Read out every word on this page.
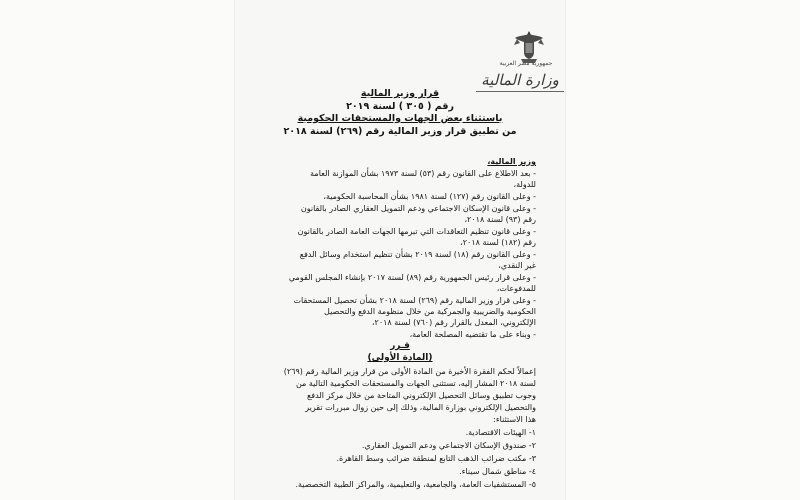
جمهورية مصر العربية
وزارة المالية
قرار وزير المالية
رقم ( ٣٠٥ ) لسنة ٢٠١٩
باستثناء بعض الجهات والمستحقات الحكومية
من تطبيق قرار وزير المالية رقم (٢٦٩) لسنة ٢٠١٨
وزير المالية،
- بعد الاطلاع على القانون رقم (٥٣) لسنة ١٩٧٣ بشأن الموازنة العامة
للدولة،
- وعلى القانون رقم (١٢٧) لسنة ١٩٨١ بشأن المحاسبة الحكومية،
- وعلى قانون الإسكان الاجتماعي ودعم التمويل العقاري الصادر بالقانون
رقم (٩٣) لسنة ٢٠١٨،
- وعلى قانون تنظيم التعاقدات التي تبرمها الجهات العامة الصادر بالقانون
رقم (١٨٢) لسنة ٢٠١٨،
- وعلى القانون رقم (١٨) لسنة ٢٠١٩ بشأن تنظيم استخدام وسائل الدفع
غير النقدي،
- وعلى قرار رئيس الجمهورية رقم (٨٩) لسنة ٢٠١٧ بإنشاء المجلس القومي
للمدفوعات،
- وعلى قرار وزير المالية رقم (٢٦٩) لسنة ٢٠١٨ بشأن تحصيل المستحقات
الحكومية والضريبية والجمركية من خلال منظومة الدفع والتحصيل
الإلكتروني، المعدل بالقرار رقم (٧٦٠) لسنة ٢٠١٨،
- وبناء على ما تقتضيه المصلحة العامة،
قـرر
(المادة الأولى)
إعمالاً لحكم الفقرة الأخيرة من المادة الأولى من قرار وزير المالية رقم (٢٦٩)
لسنة ٢٠١٨ المشار إليه، تستثنى الجهات والمستحقات الحكومية التالية من
وجوب تطبيق وسائل التحصيل الإلكتروني المتاحة من خلال مركز الدفع
والتحصيل الإلكتروني بوزارة المالية، وذلك إلى حين زوال مبررات تقرير
هذا الاستثناء:
١- الهيئات الاقتصادية.
٢- صندوق الإسكان الاجتماعي ودعم التمويل العقاري.
٣- مكتب ضرائب الذهب التابع لمنطقة ضرائب وسط القاهرة.
٤- مناطق شمال سيناء.
٥- المستشفيات العامة، والجامعية، والتعليمية، والمراكز الطبية التخصصية.
